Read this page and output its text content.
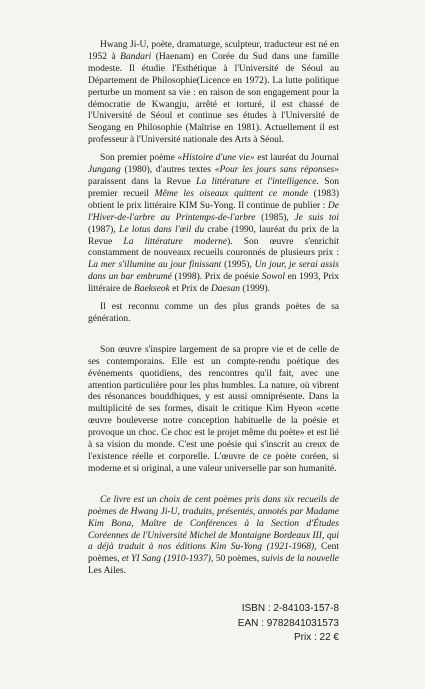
Hwang Ji-U, poète, dramaturge, sculpteur, traducteur est né en 1952 à Bandari (Haenam) en Corée du Sud dans une famille modeste. Il étudie l'Esthétique à l'Université de Séoul au Département de Philosophie(Licence en 1972). La lutte politique perturbe un moment sa vie : en raison de son engagement pour la démocratie de Kwangju, arrêté et torturé, il est chassé de l'Université de Séoul et continue ses études à l'Université de Seogang en Philosophie (Maîtrise en 1981). Actuellement il est professeur à l'Université nationale des Arts à Séoul.

Son premier poème «Histoire d'une vie» est lauréat du Journal Jungang (1980), d'autres textes «Pour les jours sans réponses» paraissent dans la Revue La littérature et l'intelligence. Son premier recueil Même les oiseaux quittent ce monde (1983) obtient le prix littéraire KIM Su-Yong. Il continue de publier : De l'Hiver-de-l'arbre au Printemps-de-l'arbre (1985), Je suis toi (1987), Le lotus dans l'œil du crabe (1990, lauréat du prix de la Revue La littérature moderne). Son œuvre s'enrichit constamment de nouveaux recueils couronnés de plusieurs prix : La mer s'illumine au jour finissant (1995), Un jour, je serai assis dans un bar embrumé (1998). Prix de poésie Sowol en 1993, Prix littéraire de Baekseok et Prix de Daesan (1999).

Il est reconnu comme un des plus grands poètes de sa génération.

Son œuvre s'inspire largement de sa propre vie et de celle de ses contemporains. Elle est un compte-rendu poétique des événements quotidiens, des rencontres qu'il fait, avec une attention particulière pour les plus humbles. La nature, où vibrent des résonances bouddhiques, y est aussi omniprésente. Dans la multiplicité de ses formes, disait le critique Kim Hyeon «cette œuvre bouleverse notre conception habituelle de la poésie et provoque un choc. Ce choc est le projet même du poète» et est lié à sa vision du monde. C'est une poésie qui s'inscrit au creux de l'existence réelle et corporelle. L'œuvre de ce poète coréen, si moderne et si original, a une valeur universelle par son humanité.

Ce livre est un choix de cent poèmes pris dans six recueils de poèmes de Hwang Ji-U, traduits, présentés, annotés par Madame Kim Bona, Maître de Conférences à la Section d'Études Coréennes de l'Université Michel de Montaigne Bordeaux III, qui a déjà traduit à nos éditions Kim Su-Yong (1921-1968), Cent poèmes, et YI Sang (1910-1937), 50 poèmes, suivis de la nouvelle Les Ailes.

ISBN : 2-84103-157-8
EAN : 9782841031573
Prix : 22 €
